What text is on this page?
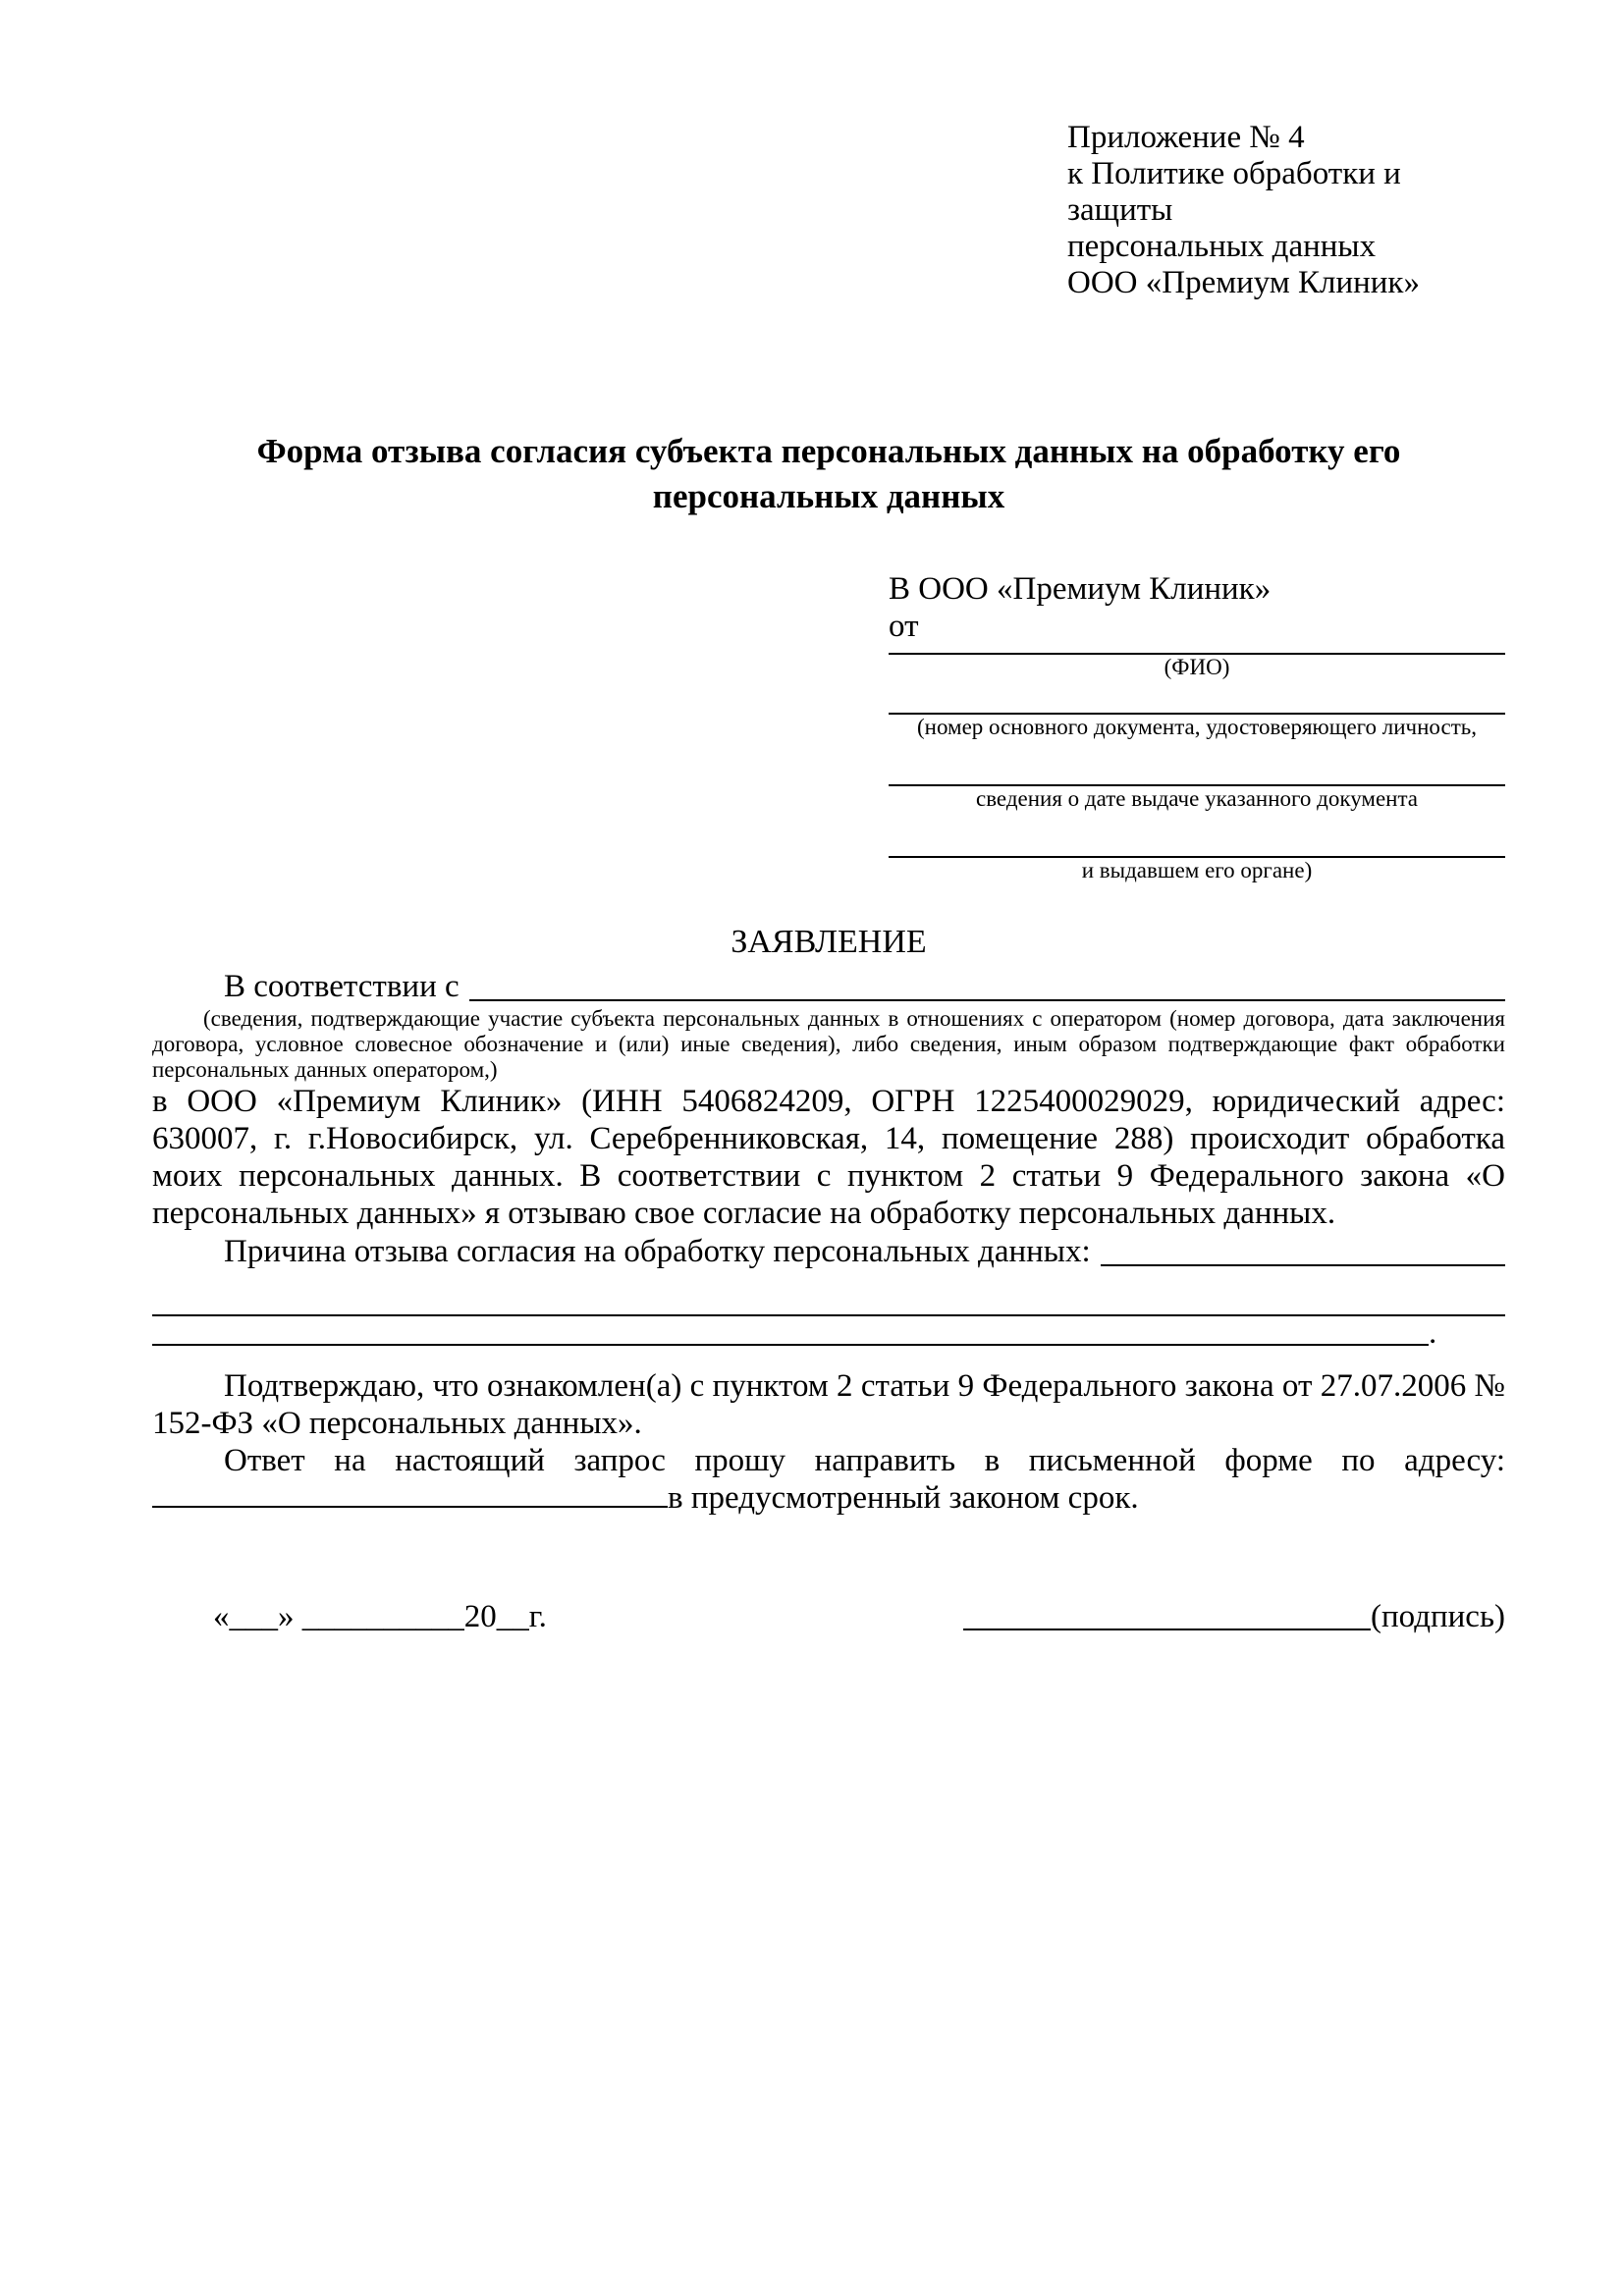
Приложение № 4
к Политике обработки и защиты
персональных данных
ООО «Премиум Клиник»
Форма отзыва согласия субъекта персональных данных на обработку его персональных данных
В ООО «Премиум Клиник»
от
(ФИО)
(номер основного документа, удостоверяющего личность,
сведения о дате выдаче указанного документа
и выдавшем его органе)
ЗАЯВЛЕНИЕ
В соответствии с
(сведения, подтверждающие участие субъекта персональных данных в отношениях с оператором (номер договора, дата заключения договора, условное словесное обозначение и (или) иные сведения), либо сведения, иным образом подтверждающие факт обработки персональных данных оператором,)
в ООО «Премиум Клиник» (ИНН 5406824209, ОГРН 1225400029029, юридический адрес: 630007, г. г.Новосибирск, ул. Серебренниковская, 14, помещение 288) происходит обработка моих персональных данных. В соответствии с пунктом 2 статьи 9 Федерального закона «О персональных данных» я отзываю свое согласие на обработку персональных данных.
Причина отзыва согласия на обработку персональных данных:
.
Подтверждаю, что ознакомлен(а) с пунктом 2 статьи 9 Федерального закона от 27.07.2006 № 152-ФЗ «О персональных данных».
Ответ на настоящий запрос прошу направить в письменной форме по адресу: в предусмотренный законом срок.
«___» __________20__г.	(подпись)
